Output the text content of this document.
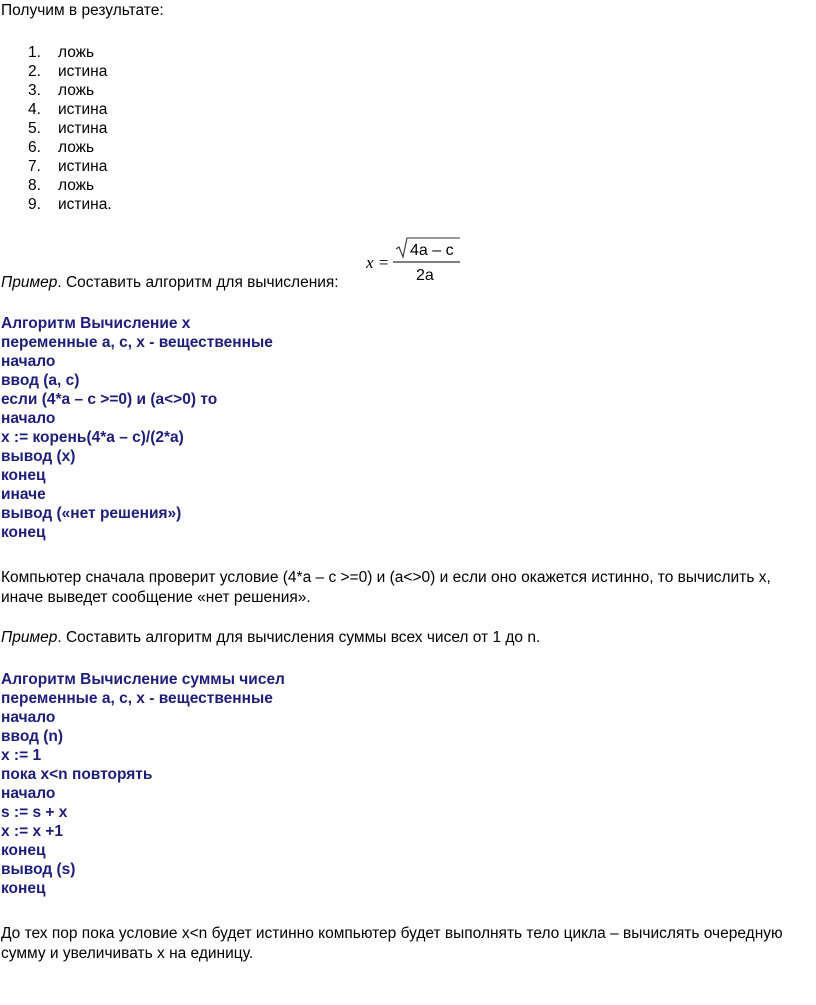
Получим в результате:

1.	ложь
2.	истина
3.	ложь
4.	истина
5.	истина
6.	ложь
7.	истина
8.	ложь
9.	истина.
x =
4a – c
2a

Пример. Составить алгоритм для вычисления:

Алгоритм Вычисление x
переменные a, c, x - вещественные
начало
ввод (a, c)
если (4*a – c >=0) и (a<>0) то
начало
x := корень(4*a – c)/(2*a)
вывод (x)
конец
иначе
вывод («нет решения»)
конец

Компьютер сначала проверит условие (4*a – c >=0) и (a<>0) и если оно окажется истинно, то вычислить x, иначе выведет сообщение «нет решения».

Пример. Составить алгоритм для вычисления суммы всех чисел от 1 до n.

Алгоритм Вычисление суммы чисел
переменные a, c, x - вещественные
начало
ввод (n)
x := 1
пока x<n повторять
начало
s := s + x
x := x +1
конец
вывод (s)
конец

До тех пор пока условие x<n будет истинно компьютер будет выполнять тело цикла – вычислять очередную сумму и увеличивать x на единицу.
